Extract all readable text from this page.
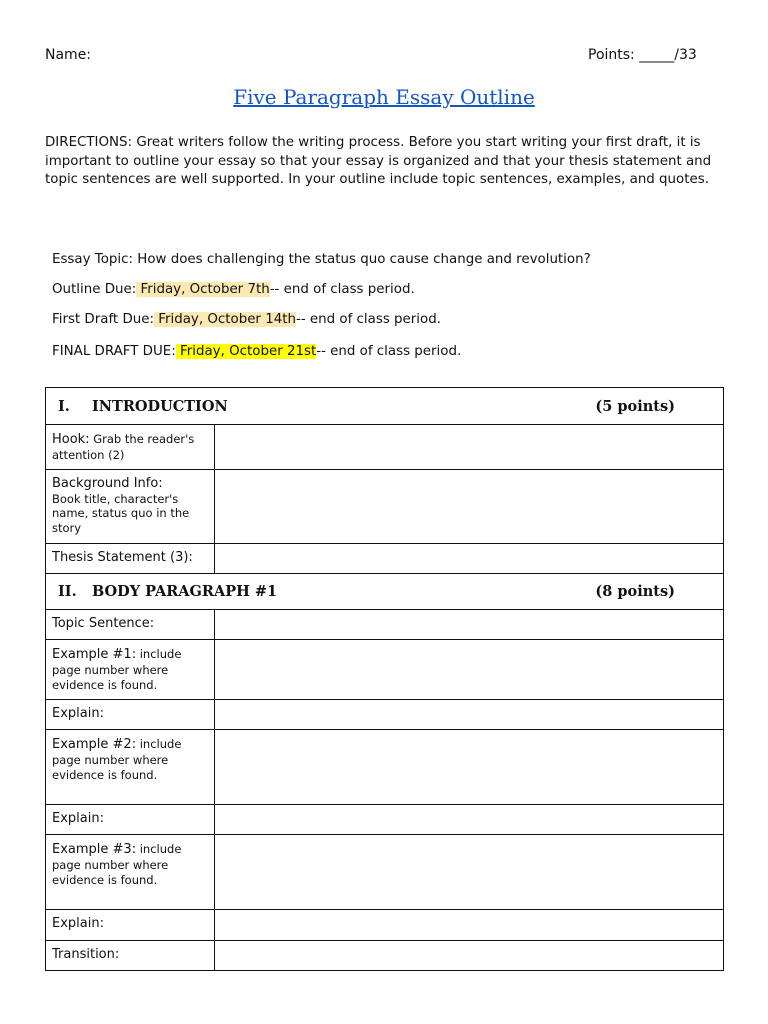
Name:	Points: _____/33
Five Paragraph Essay Outline
DIRECTIONS: Great writers follow the writing process. Before you start writing your first draft, it is important to outline your essay so that your essay is organized and that your thesis statement and topic sentences are well supported. In your outline include topic sentences, examples, and quotes.
Essay Topic: How does challenging the status quo cause change and revolution?
Outline Due: Friday, October 7th-- end of class period.
First Draft Due: Friday, October 14th-- end of class period.
FINAL DRAFT DUE: Friday, October 21st-- end of class period.
I. INTRODUCTION (5 points)	

Hook: Grab the reader's attention (2)	

Background Info:
Book title, character's name, status quo in the story	

Thesis Statement (3):	

II. BODY PARAGRAPH #1 (8 points)	

Topic Sentence:	
Example #1: include page number where evidence is found.	
Explain:	
Example #2: include page number where evidence is found.	
Explain:	
Example #3: include page number where evidence is found.	
Explain:	
Transition:	
